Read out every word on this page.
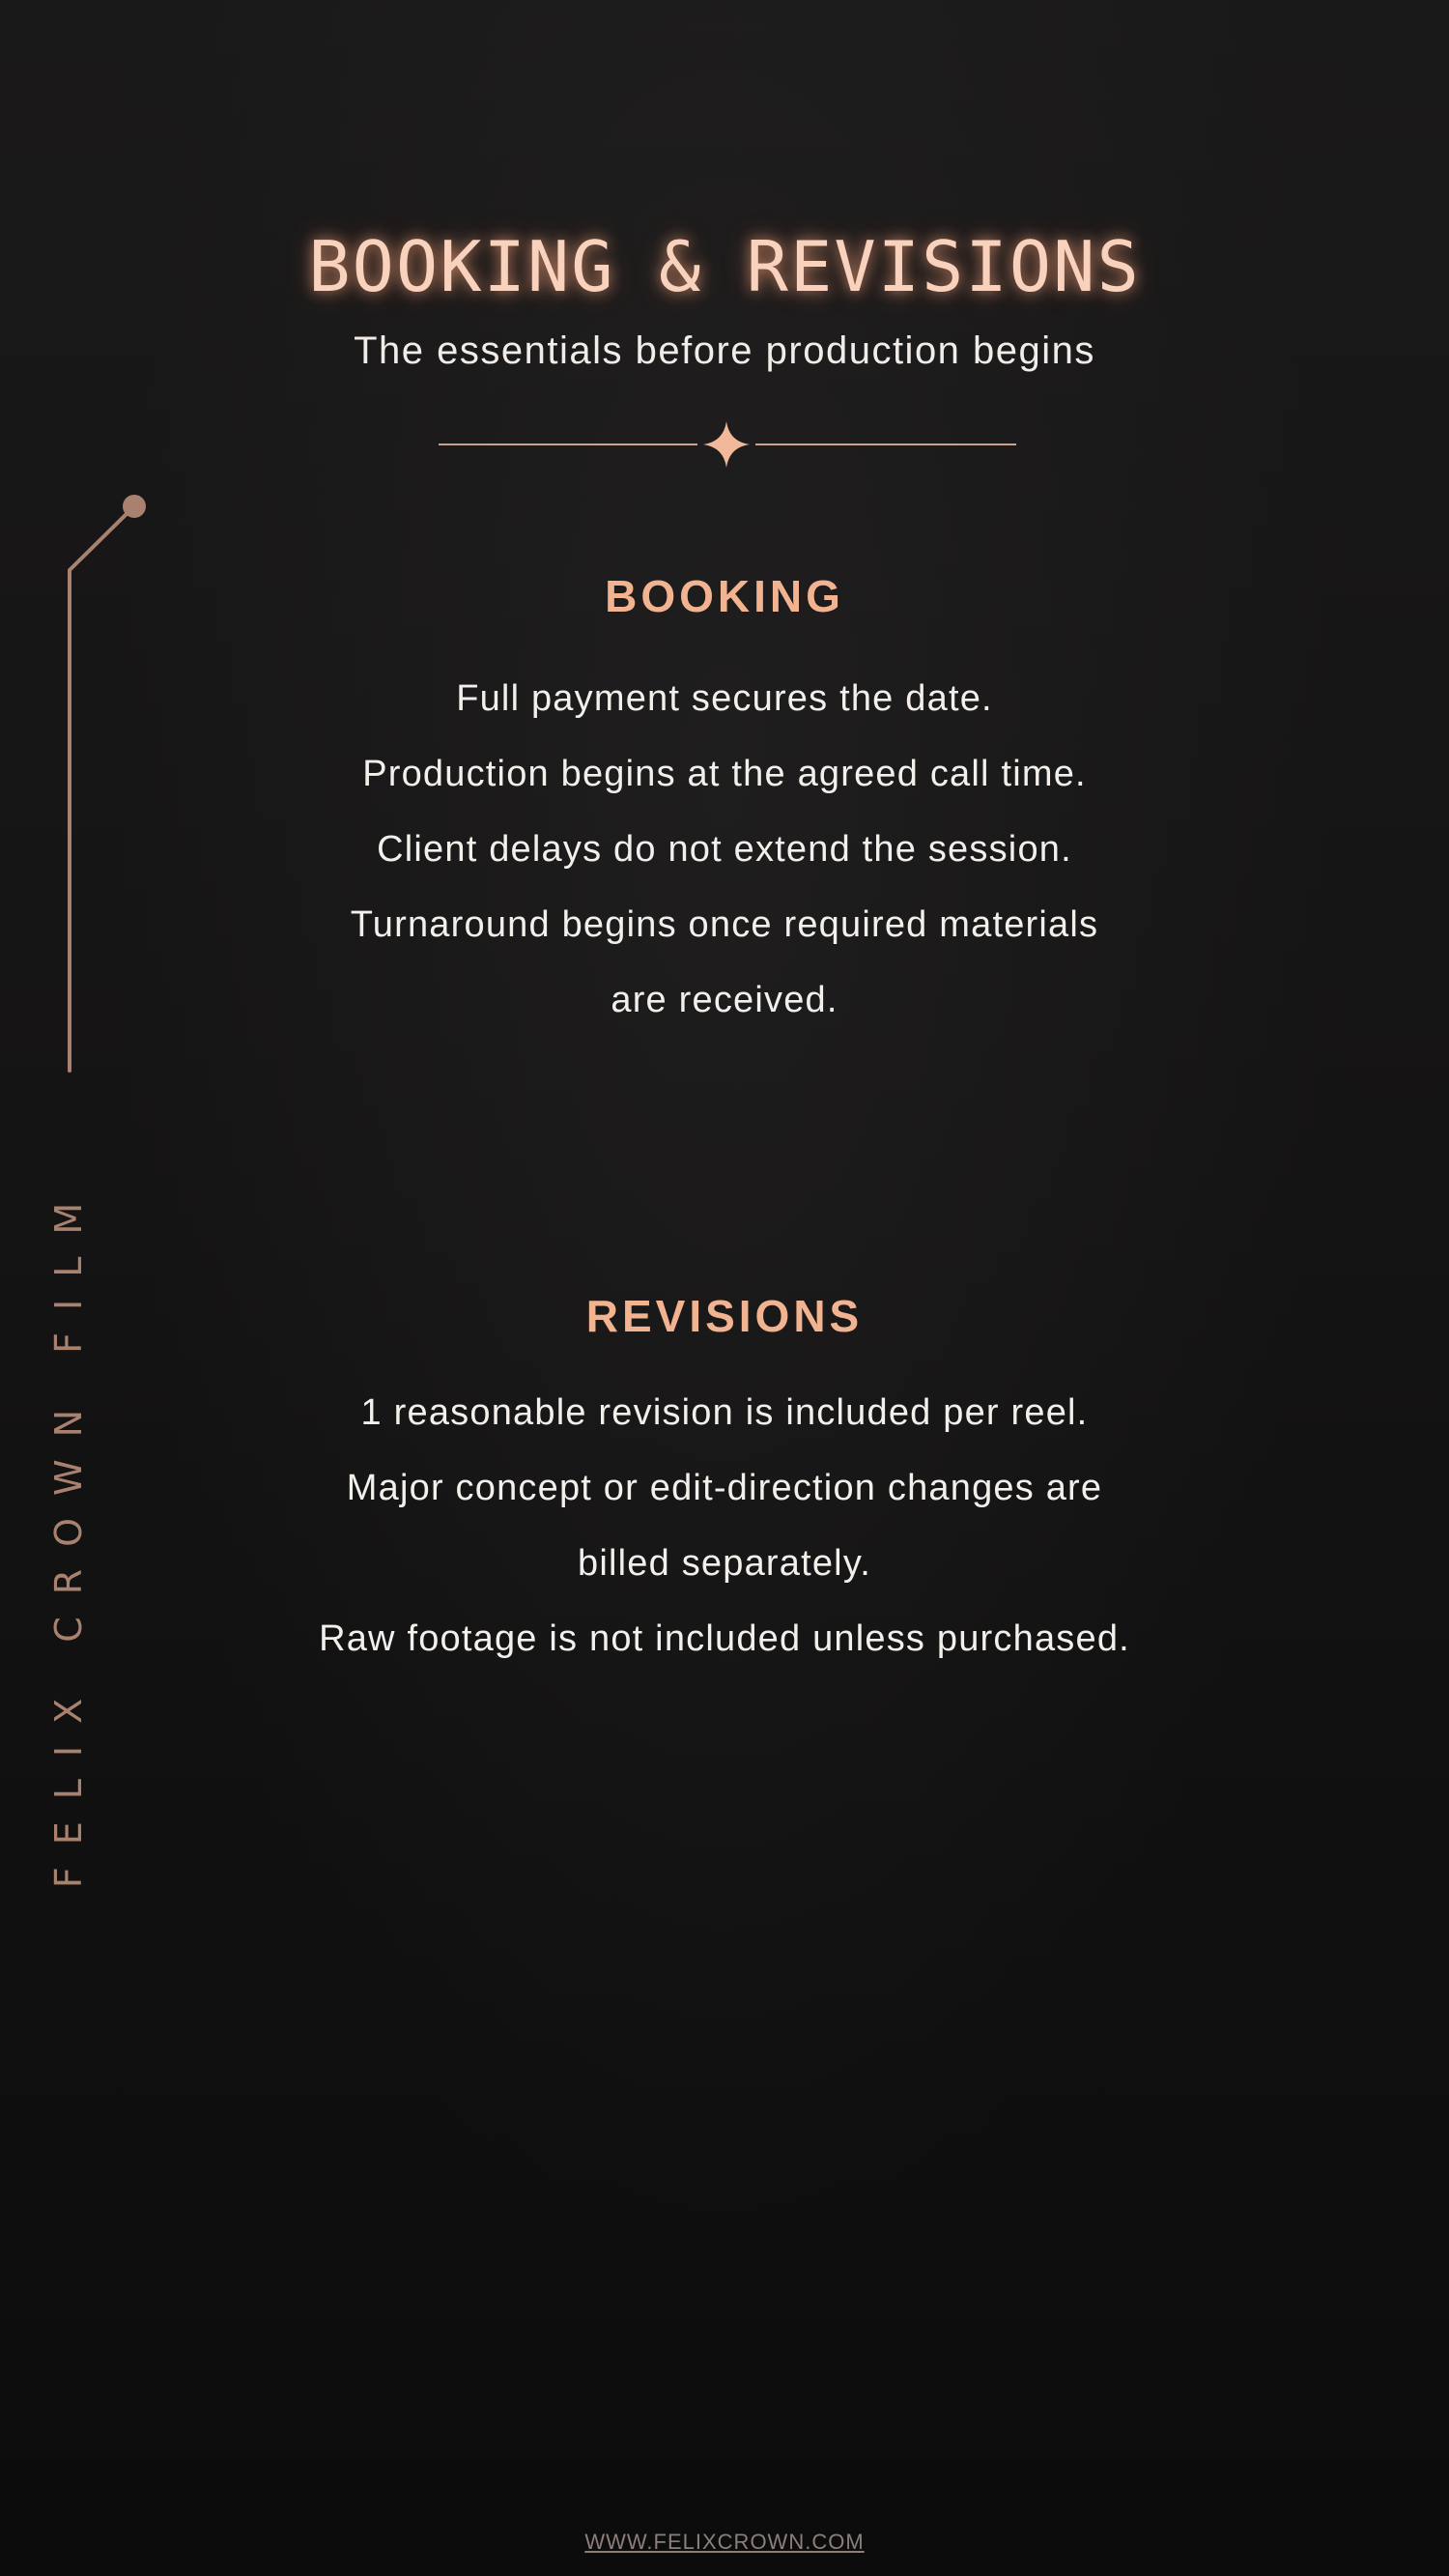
FELIX CROWN FILM
BOOKING & REVISIONS
The essentials before production begins
BOOKING
Full payment secures the date.
Production begins at the agreed call time.
Client delays do not extend the session.
Turnaround begins once required materials
are received.
REVISIONS
1 reasonable revision is included per reel.
Major concept or edit-direction changes are
billed separately.
Raw footage is not included unless purchased.
WWW.FELIXCROWN.COM
